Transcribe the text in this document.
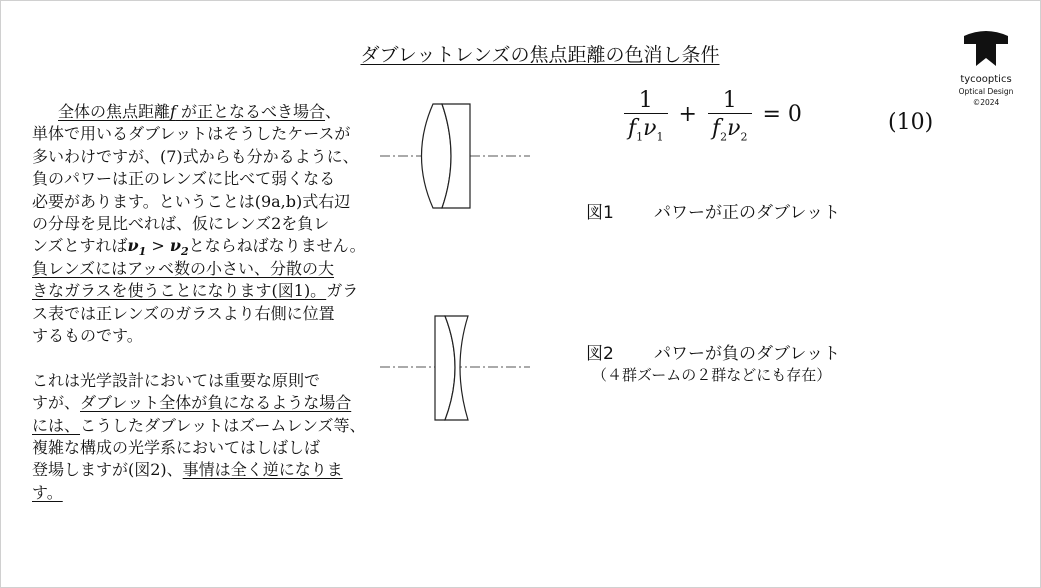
ダブレットレンズの焦点距離の色消し条件
tycooptics
Optical Design
©2024

全体の焦点距離f が正となるべき場合、

単体で用いるダブレットはそうしたケースが

多いわけですが、(7)式からも分かるように、

負のパワーは正のレンズに比べて弱くなる

必要があります。ということは(9a,b)式右辺

の分母を見比べれば、仮にレンズ2を負レ

ンズとすれば$\nu_1 > \nu_2$とならねばなりません。

負レンズにはアッベ数の小さい、分散の大

きなガラスを使うことになります(図1)。ガラ

ス表では正レンズのガラスより右側に位置

するものです。

これは光学設計においては重要な原則で

すが、ダブレット全体が負になるような場合

には、こうしたダブレットはズームレンズ等、

複雑な構成の光学系においてはしばしば

登場しますが(図2)、事情は全く逆になりま

す。

$\frac{1}{f_1\nu_1} + \frac{1}{f_2\nu_2} = 0$	(10)
図1 パワーが正のダブレット
図2 パワーが負のダブレット
（４群ズームの２群などにも存在）
